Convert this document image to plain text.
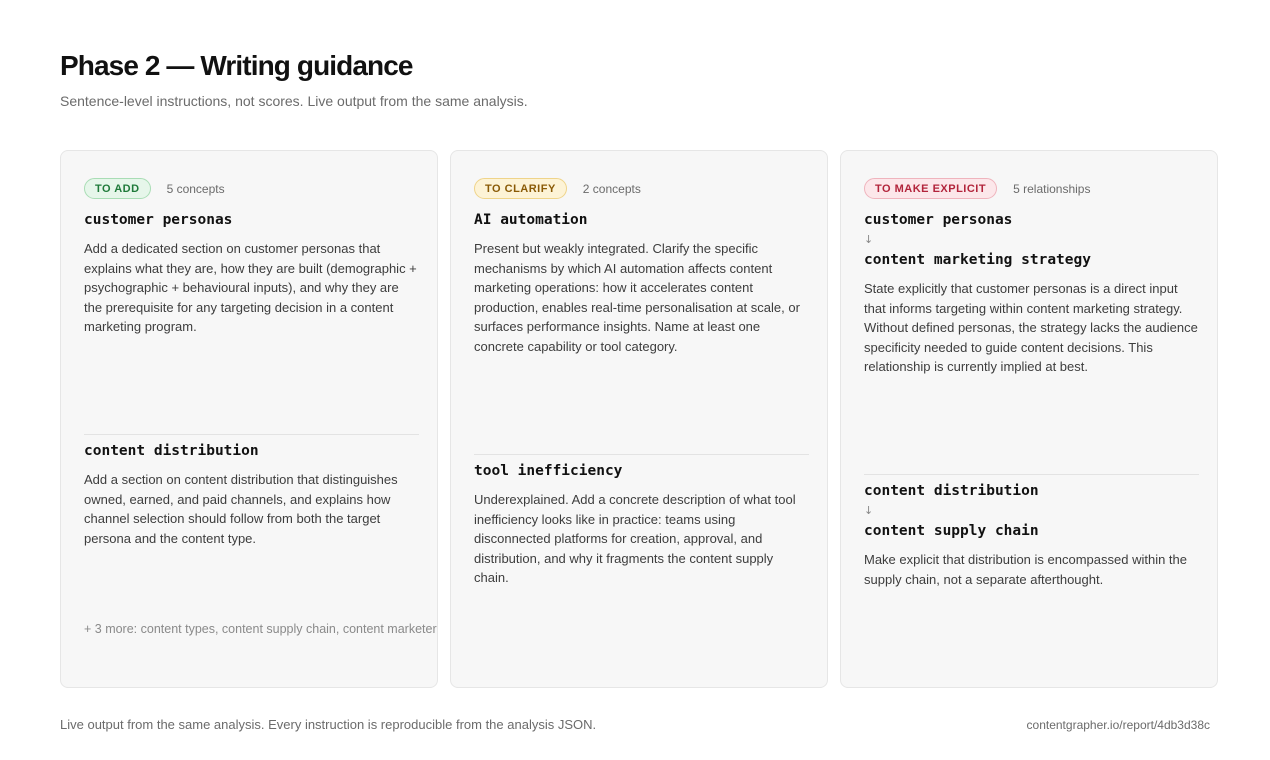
Phase 2 — Writing guidance
Sentence-level instructions, not scores. Live output from the same analysis.
TO ADD	5 concepts
customer personas
Add a dedicated section on customer personas that explains what they are, how they are built (demographic + psychographic + behavioural inputs), and why they are the prerequisite for any targeting decision in a content marketing program.
content distribution
Add a section on content distribution that distinguishes owned, earned, and paid channels, and explains how channel selection should follow from both the target persona and the content type.
+ 3 more: content types, content supply chain, content marketer
TO CLARIFY	2 concepts
AI automation
Present but weakly integrated. Clarify the specific mechanisms by which AI automation affects content marketing operations: how it accelerates content production, enables real-time personalisation at scale, or surfaces performance insights. Name at least one concrete capability or tool category.
tool inefficiency
Underexplained. Add a concrete description of what tool inefficiency looks like in practice: teams using disconnected platforms for creation, approval, and distribution, and why it fragments the content supply chain.
TO MAKE EXPLICIT	5 relationships
customer personas
↓
content marketing strategy
State explicitly that customer personas is a direct input that informs targeting within content marketing strategy. Without defined personas, the strategy lacks the audience specificity needed to guide content decisions. This relationship is currently implied at best.
content distribution
↓
content supply chain
Make explicit that distribution is encompassed within the supply chain, not a separate afterthought.
Live output from the same analysis. Every instruction is reproducible from the analysis JSON.	contentgrapher.io/report/4db3d38c
